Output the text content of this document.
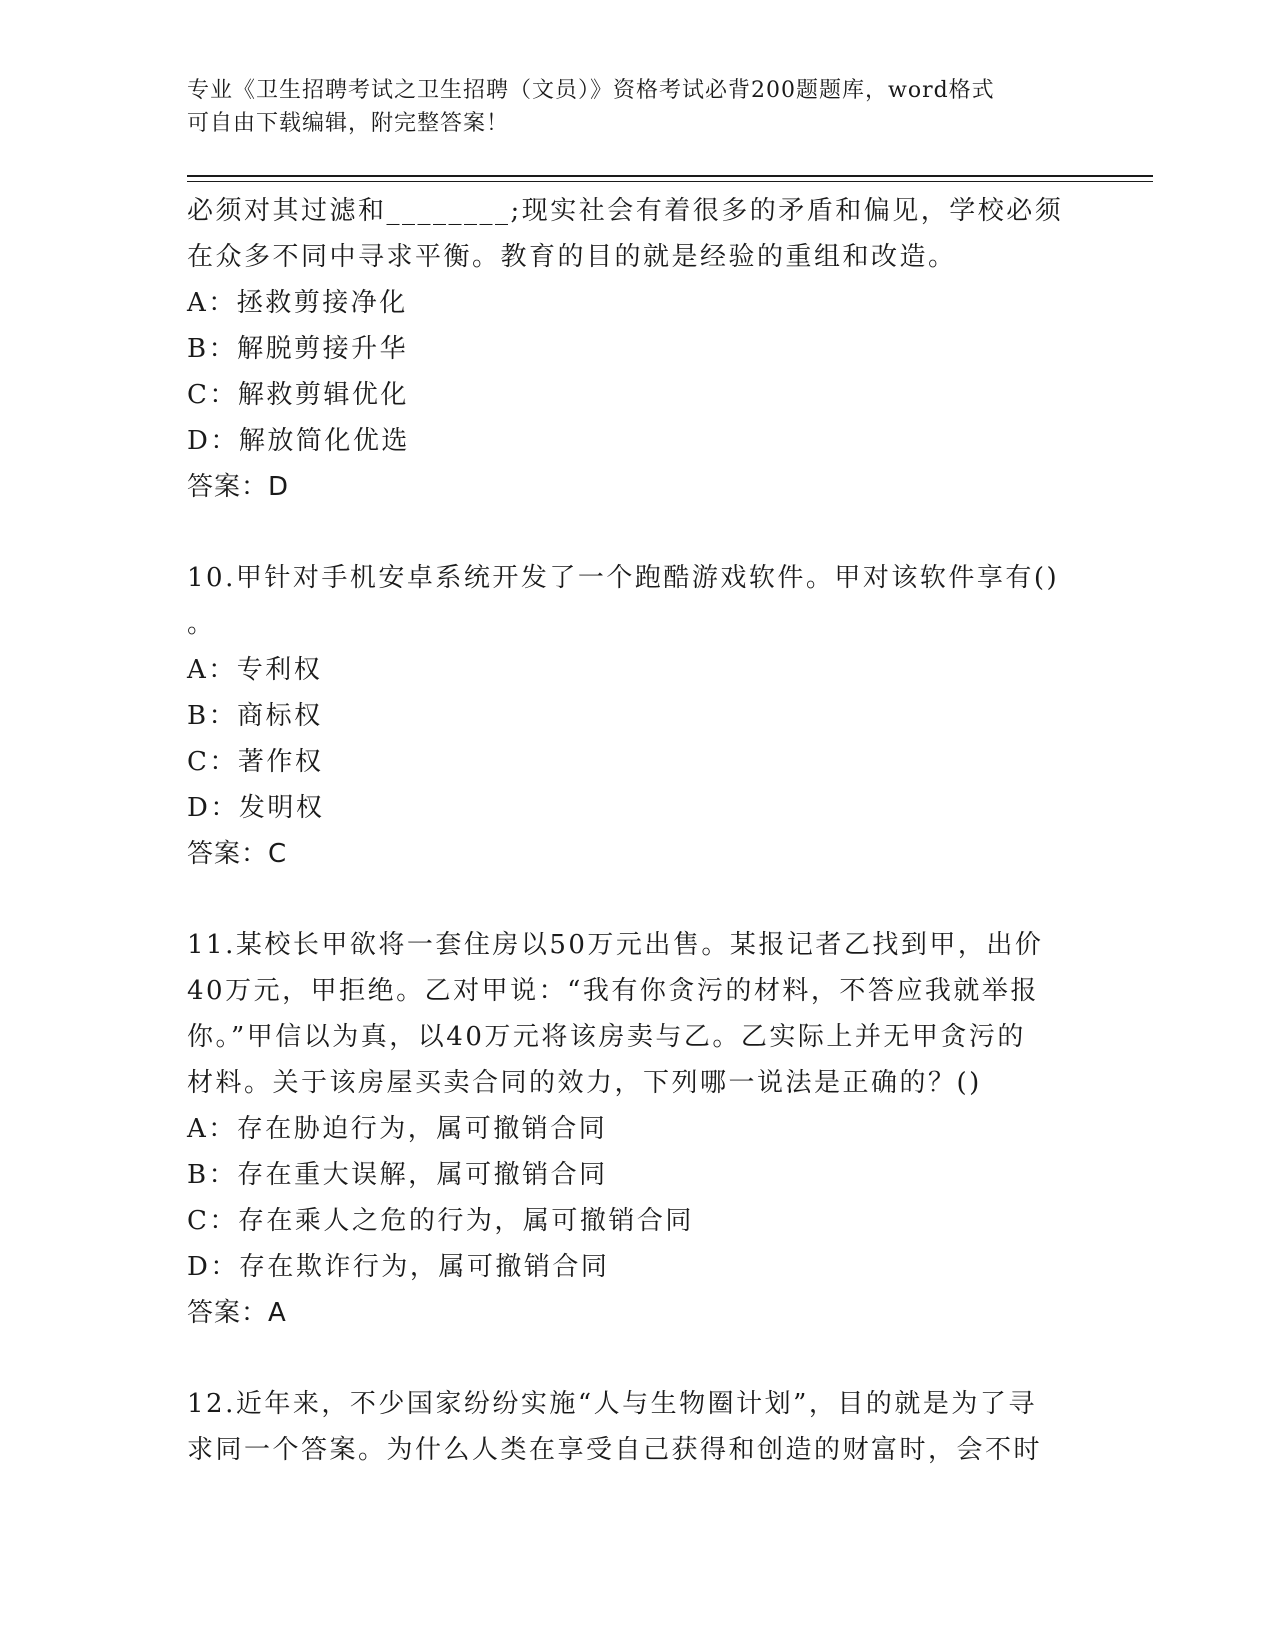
专业《卫生招聘考试之卫生招聘（文员）》资格考试必背200题题库，word格式
可自由下载编辑，附完整答案！
必须对其过滤和________;现实社会有着很多的矛盾和偏见，学校必须
在众多不同中寻求平衡。教育的目的就是经验的重组和改造。
A：拯救剪接净化
B：解脱剪接升华
C：解救剪辑优化
D：解放简化优选
答案：D
10.甲针对手机安卓系统开发了一个跑酷游戏软件。甲对该软件享有()
。
A：专利权
B：商标权
C：著作权
D：发明权
答案：C
11.某校长甲欲将一套住房以50万元出售。某报记者乙找到甲，出价
40万元，甲拒绝。乙对甲说：“我有你贪污的材料，不答应我就举报
你。”甲信以为真，以40万元将该房卖与乙。乙实际上并无甲贪污的
材料。关于该房屋买卖合同的效力，下列哪一说法是正确的？()
A：存在胁迫行为，属可撤销合同
B：存在重大误解，属可撤销合同
C：存在乘人之危的行为，属可撤销合同
D：存在欺诈行为，属可撤销合同
答案：A
12.近年来，不少国家纷纷实施“人与生物圈计划”，目的就是为了寻
求同一个答案。为什么人类在享受自己获得和创造的财富时，会不时
